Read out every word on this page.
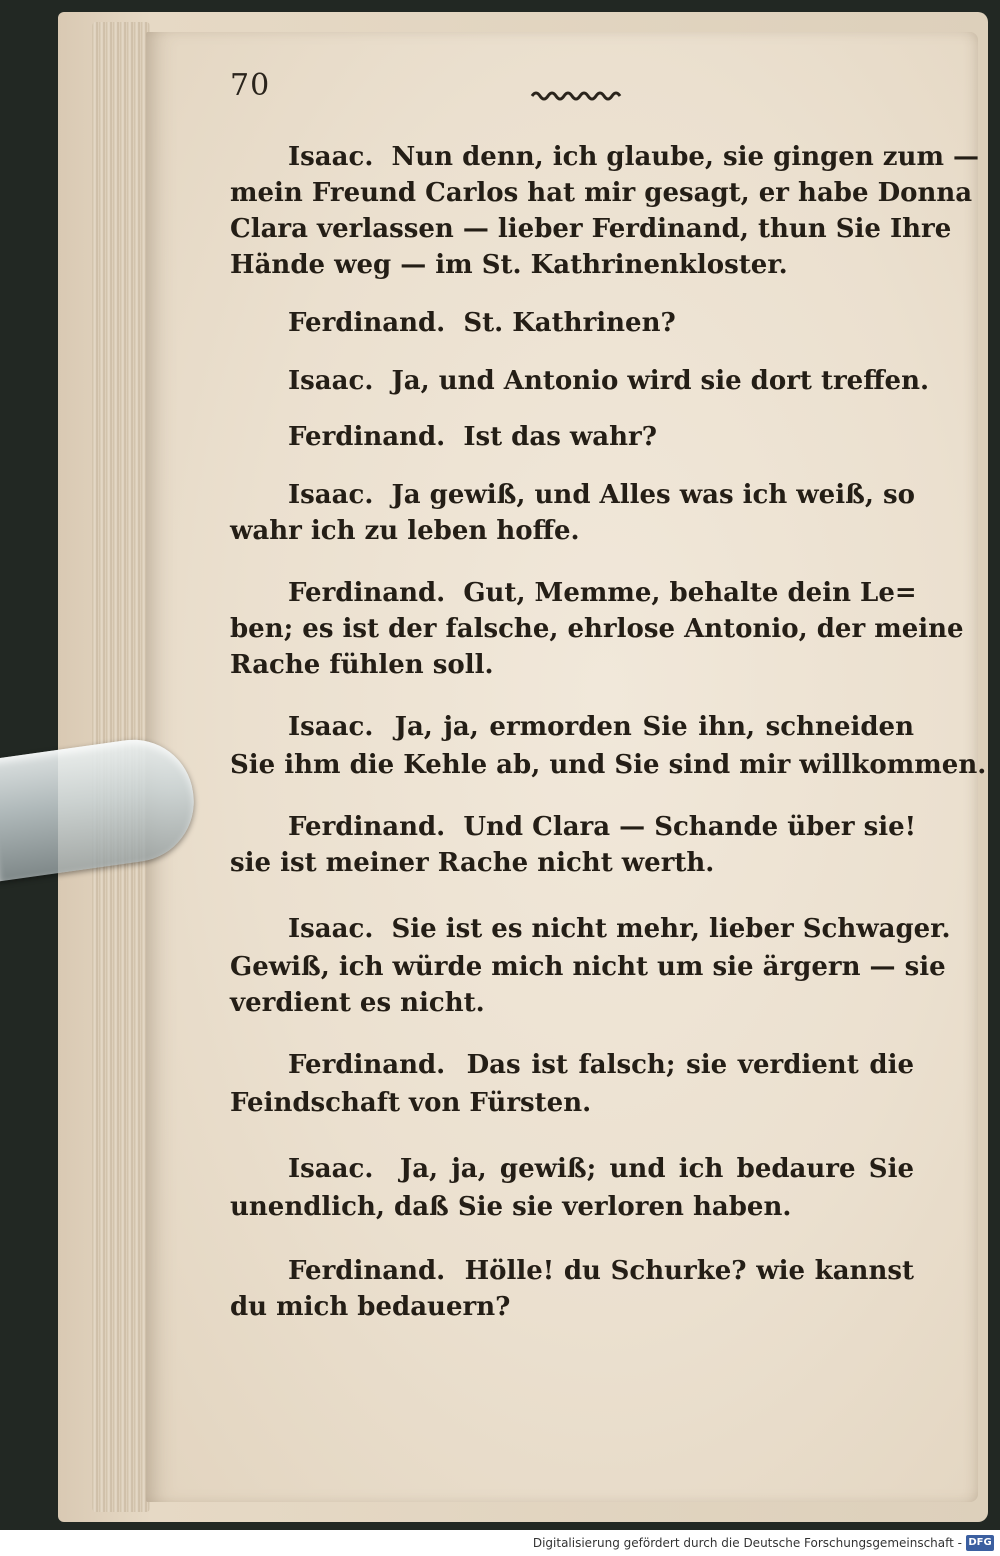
70
Isaac.  Nun denn, ich glaube, sie gingen zum —
mein Freund Carlos hat mir gesagt, er habe Donna
Clara verlassen — lieber Ferdinand, thun Sie Ihre
Hände weg — im St. Kathrinenkloster.
Ferdinand.  St. Kathrinen?
Isaac.  Ja, und Antonio wird sie dort treffen.
Ferdinand.  Ist das wahr?
Isaac.  Ja gewiß, und Alles was ich weiß, so
wahr ich zu leben hoffe.
Ferdinand.  Gut, Memme, behalte dein Le=
ben; es ist der falsche, ehrlose Antonio, der meine
Rache fühlen soll.
Isaac.  Ja, ja, ermorden Sie ihn, schneiden
Sie ihm die Kehle ab, und Sie sind mir willkommen.
Ferdinand.  Und Clara — Schande über sie!
sie ist meiner Rache nicht werth.
Isaac.  Sie ist es nicht mehr, lieber Schwager.
Gewiß, ich würde mich nicht um sie ärgern — sie
verdient es nicht.
Ferdinand.  Das ist falsch; sie verdient die
Feindschaft von Fürsten.
Isaac.  Ja, ja, gewiß; und ich bedaure Sie
unendlich, daß Sie sie verloren haben.
Ferdinand.  Hölle! du Schurke? wie kannst
du mich bedauern?
Digitalisierung gefördert durch die Deutsche Forschungsgemeinschaft - DFG
